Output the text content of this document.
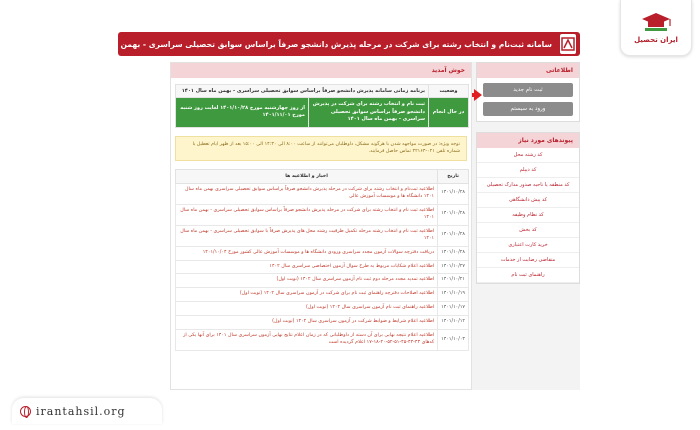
ایران تحصیل
سامانه ثبت‌نام و انتخاب رشته برای شرکت در مرحله پذیرش دانشجو صرفاً براساس سوابق تحصیلی سراسری - بهمن ماه سال ۱۴۰۱
اطلاعاتی
ثبت نام جدید
ورود به سیستم
پیوندهای مورد نیاز
کد رشته محل
کد دیپلم
کد منطقه یا ناحیه صدور مدارک تحصیلی
کد پیش دانشگاهی
کد نظام وظیفه
کد بخش
خرید کارت اعتباری
متقاضی رضایت از خدمات
راهنمای ثبت نام
خوش آمدید
وضعیت	برنامه زمانی سامانه پذیرش دانشجو صرفاً براساس سوابق تحصیلی سراسری - بهمن ماه سال ۱۴۰۱	
در حال انجام	ثبت نام و انتخاب رشته برای شرکت در پذیرش دانشجو صرفاً براساس سوابق تحصیلی سراسری - بهمن ماه سال ۱۴۰۱	از روز چهارشنبه مورخ ۱۴۰۱/۱۰/۲۸ لغایت روز شنبه مورخ ۱۴۰۱/۱۱/۰۱
توجه ویژه: در صورت مواجهه شدن با هرگونه مشکل، داوطلبان می‌توانند از ساعت ۸:۰۰ الی ۱۴:۳۰ الی ۱۵:۰۰ بعد از ظهر ایام تعطیل با شماره تلفن ۰۲۱-۴۲۱۶۳ تماس حاصل فرمایند.
تاریخ	اخبار و اطلاعیه ها
۱۴۰۱/۱۰/۲۸	اطلاعیه ثبت‌نام و انتخاب رشته برای شرکت در مرحله پذیرش دانشجو صرفاً براساس سوابق تحصیلی سراسری بهمن ماه سال ۱۴۰۱ دانشگاه ها و موسسات آموزش عالی
۱۴۰۱/۱۰/۲۸	اطلاعیه ثبت نام و انتخاب رشته برای شرکت در مرحله پذیرش دانشجو صرفاً براساس سوابق تحصیلی سراسری - بهمن ماه سال ۱۴۰۱
۱۴۰۱/۱۰/۲۸	اطلاعیه ثبت نام و انتخاب رشته مرحله تکمیل ظرفیت رشته محل های پذیرش صرفاً با سوابق تحصیلی سراسری - بهمن ماه سال ۱۴۰۱
۱۴۰۱/۱۰/۲۸	دریافت دفترچه سوالات آزمون مجدد سراسری ورودی دانشگاه ها و موسسات آموزش عالی کشور مورخ ۱۴۰۱/۱۰/۰۴
۱۴۰۱/۱۰/۲۷	اطلاعیه اعلام شکایات مربوط به طرح سوال آزمون اختصاصی سراسری سال ۱۴۰۲
۱۴۰۱/۱۰/۲۱	اطلاعیه تمدید مجدد مرحله دوم ثبت نام آزمون سراسری سال ۱۴۰۲ (نوبت اول)
۱۴۰۱/۱۰/۱۹	اطلاعیه اصلاحات دفترچه راهنمای ثبت نام برای شرکت در آزمون سراسری سال ۱۴۰۲ (نوبت اول)
۱۴۰۱/۱۰/۱۷	اطلاعیه راهنمای ثبت نام آزمون سراسری سال ۱۴۰۲ (نوبت اول)
۱۴۰۱/۱۰/۱۲	اطلاعیه اعلام شرایط و ضوابط شرکت در آزمون سراسری سال ۱۴۰۲ (نوبت اول)
۱۴۰۱/۱۰/۰۳	اطلاعیه اعلام نتیجه نهایی برای آن دسته از داوطلبانی که در زمان اعلام نتایج نهایی آزمون سراسری سال ۱۴۰۱ برای آنها یکی از کدهای ۴۳-۴۴-۴۵-۵۱-۵۲-۲۰-۱۸-۱۷ اعلام گردیده است
irantahsil.org
